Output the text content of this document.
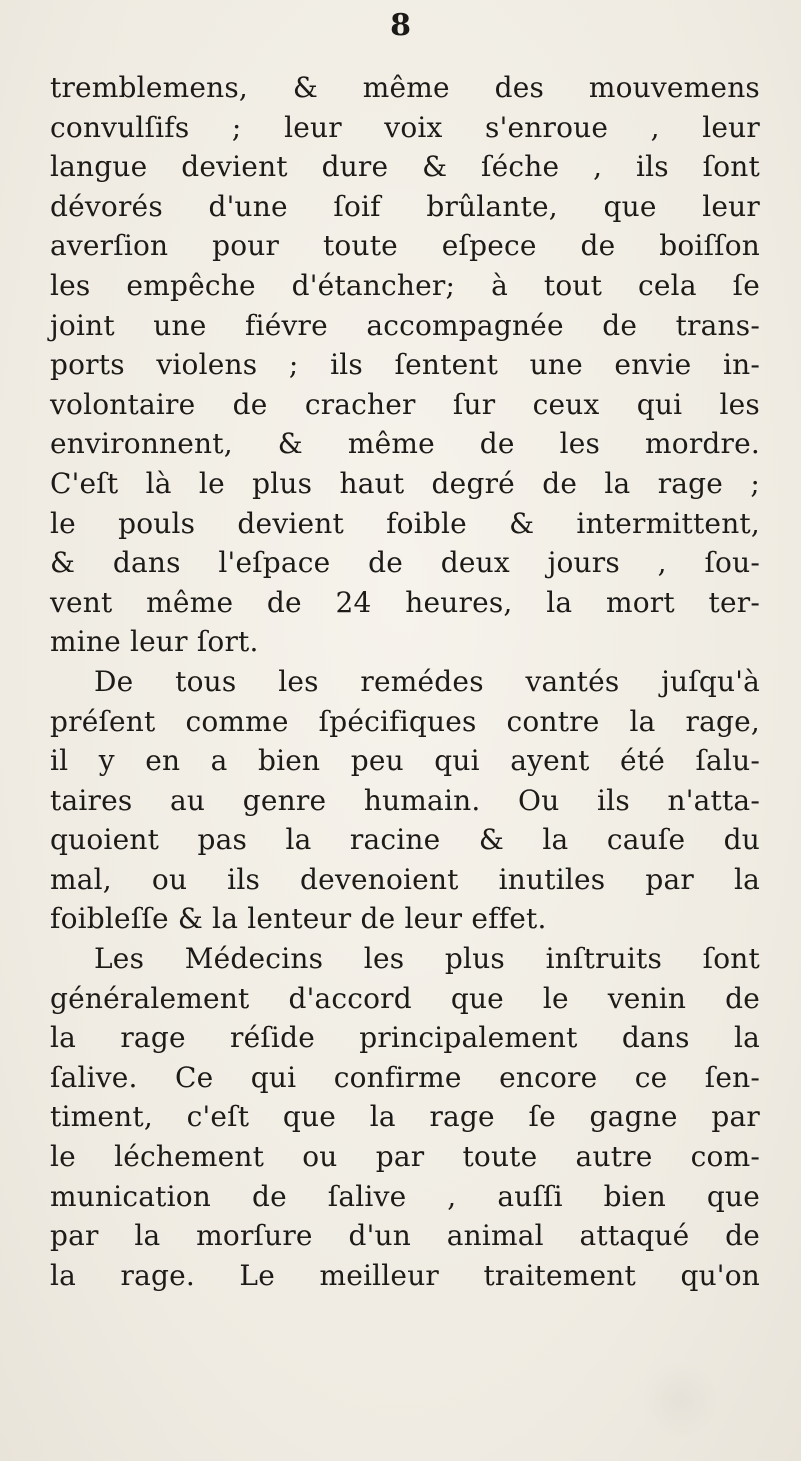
8
tremblemens, & même des mouvemens
convulſifs ; leur voix s'enroue , leur
langue devient dure & ſéche , ils ſont
dévorés d'une ſoif brûlante, que leur
averſion pour toute eſpece de boiſſon
les empêche d'étancher; à tout cela ſe
joint une fiévre accompagnée de trans-
ports violens ; ils ſentent une envie in-
volontaire de cracher ſur ceux qui les
environnent, & même de les mordre.
C'eſt là le plus haut degré de la rage ;
le pouls devient foible & intermittent,
& dans l'eſpace de deux jours , ſou-
vent même de 24 heures, la mort ter-
mine leur ſort.
De tous les remédes vantés juſqu'à
préſent comme ſpécifiques contre la rage,
il y en a bien peu qui ayent été ſalu-
taires au genre humain. Ou ils n'atta-
quoient pas la racine & la cauſe du
mal, ou ils devenoient inutiles par la
foibleſſe & la lenteur de leur effet.
Les Médecins les plus inſtruits ſont
généralement d'accord que le venin de
la rage réſide principalement dans la
ſalive. Ce qui confirme encore ce ſen-
timent, c'eſt que la rage ſe gagne par
le léchement ou par toute autre com-
munication de ſalive , auſſi bien que
par la morſure d'un animal attaqué de
la rage. Le meilleur traitement qu'on
